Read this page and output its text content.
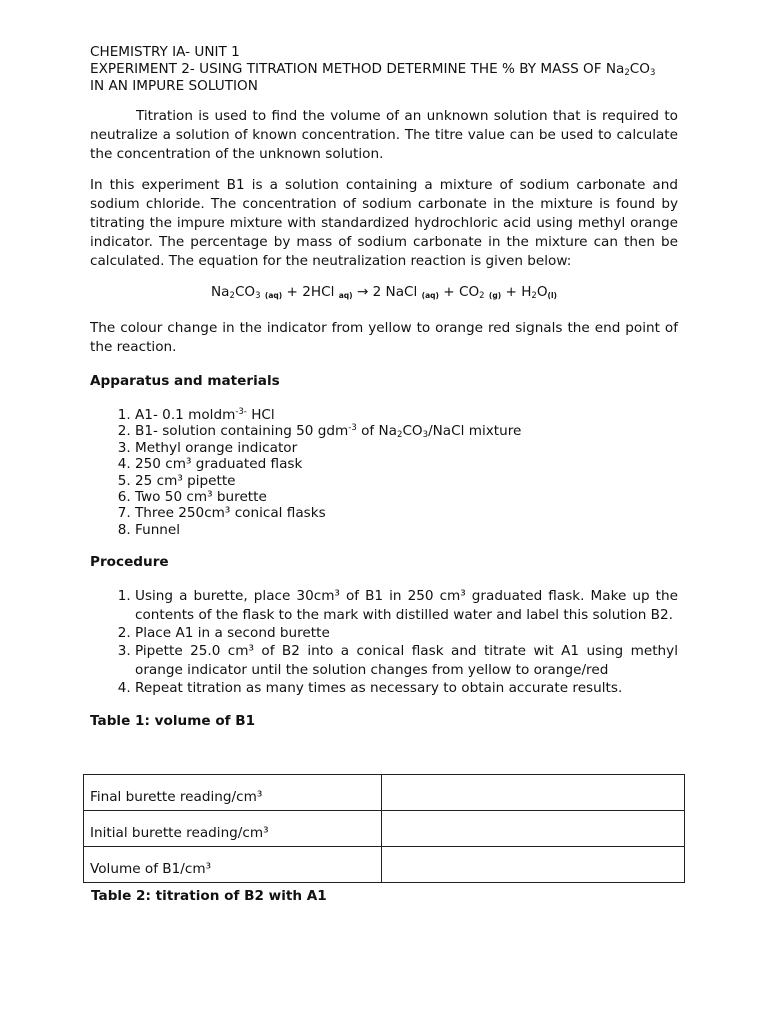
CHEMISTRY IA- UNIT 1
EXPERIMENT 2- USING TITRATION METHOD DETERMINE THE % BY MASS OF $Na_2CO_3$
IN AN IMPURE SOLUTION

Titration is used to find the volume of an unknown solution that is required to neutralize a solution of known concentration. The titre value can be used to calculate the concentration of the unknown solution.

In this experiment B1 is a solution containing a mixture of sodium carbonate and sodium chloride. The concentration of sodium carbonate in the mixture is found by titrating the impure mixture with standardized hydrochloric acid using methyl orange indicator. The percentage by mass of sodium carbonate in the mixture can then be calculated. The equation for the neutralization reaction is given below:

$Na_2CO_3$ (aq) + 2HCl aq) → 2 NaCl $(aq) + CO_2$ $(g) + H_2O(l)$

The colour change in the indicator from yellow to orange red signals the end point of the reaction.

Apparatus and materials
1. A1- 0.1 moldm$^{-3-}$ HCl
2. B1- solution containing 50 gdm$^{-3}$ of $Na_2CO_3$/NaCl mixture
3. Methyl orange indicator
4. 250 cm³ graduated flask
5. 25 cm³ pipette
6. Two 50 cm³ burette
7. Three 250cm³ conical flasks
8. Funnel
Procedure
1. Using a burette, place 30cm³ of B1 in 250 cm³ graduated flask. Make up the contents of the flask to the mark with distilled water and label this solution B2.
2. Place A1 in a second burette
3. Pipette 25.0 cm³ of B2 into a conical flask and titrate wit A1 using methyl orange indicator until the solution changes from yellow to orange/red
4. Repeat titration as many times as necessary to obtain accurate results.
Table 1: volume of B1
Final burette reading/cm³	
Initial burette reading/cm³	
Volume of B1/cm³	
Table 2: titration of B2 with A1
